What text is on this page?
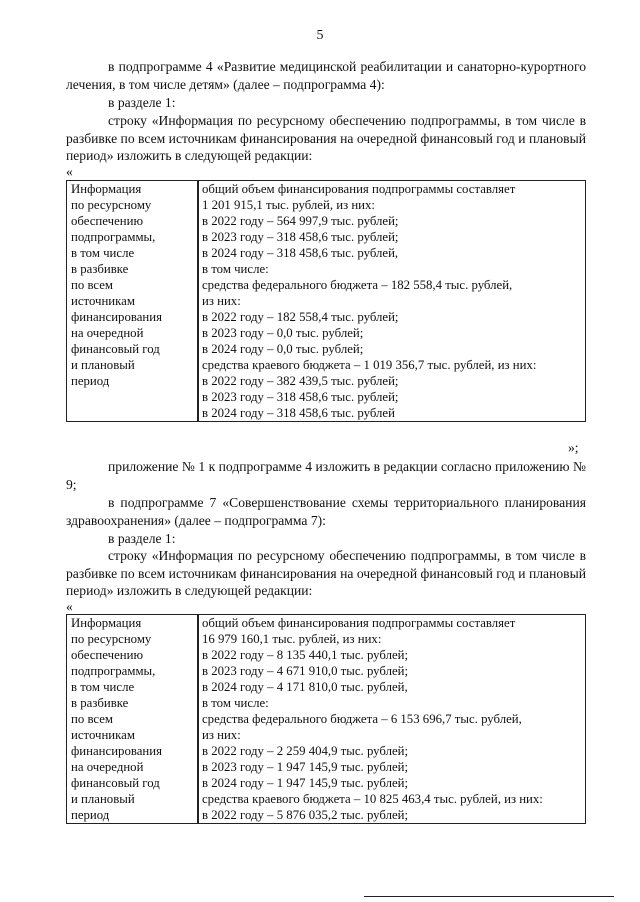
5

в подпрограмме 4 «Развитие медицинской реабилитации и санаторно-курортного лечения, в том числе детям» (далее – подпрограмма 4):

в разделе 1:

строку «Информация по ресурсному обеспечению подпрограммы, в том числе в разбивке по всем источникам финансирования на очередной финансовый год и плановый период» изложить в следующей редакции:

«
Информация
по ресурсному
обеспечению
подпрограммы,
в том числе
в разбивке
по всем
источникам
финансирования
на очередной
финансовый год
и плановый
период

общий объем финансирования подпрограммы составляет
1 201 915,1 тыс. рублей, из них:
в 2022 году – 564 997,9 тыс. рублей;
в 2023 году – 318 458,6 тыс. рублей;
в 2024 году – 318 458,6 тыс. рублей,
в том числе:
средства федерального бюджета – 182 558,4 тыс. рублей,
из них:
в 2022 году – 182 558,4 тыс. рублей;
в 2023 году – 0,0 тыс. рублей;
в 2024 году – 0,0 тыс. рублей;
средства краевого бюджета – 1 019 356,7 тыс. рублей, из них:
в 2022 году – 382 439,5 тыс. рублей;
в 2023 году – 318 458,6 тыс. рублей;
в 2024 году – 318 458,6 тыс. рублей
»;

приложение № 1 к подпрограмме 4 изложить в редакции согласно приложению № 9;

в подпрограмме 7 «Совершенствование схемы территориального планирования здравоохранения» (далее – подпрограмма 7):

в разделе 1:

строку «Информация по ресурсному обеспечению подпрограммы, в том числе в разбивке по всем источникам финансирования на очередной финансовый год и плановый период» изложить в следующей редакции:

«
Информация
по ресурсному
обеспечению
подпрограммы,
в том числе
в разбивке
по всем
источникам
финансирования
на очередной
финансовый год
и плановый
период

общий объем финансирования подпрограммы составляет
16 979 160,1 тыс. рублей, из них:
в 2022 году – 8 135 440,1 тыс. рублей;
в 2023 году – 4 671 910,0 тыс. рублей;
в 2024 году – 4 171 810,0 тыс. рублей,
в том числе:
средства федерального бюджета – 6 153 696,7 тыс. рублей,
из них:
в 2022 году – 2 259 404,9 тыс. рублей;
в 2023 году – 1 947 145,9 тыс. рублей;
в 2024 году – 1 947 145,9 тыс. рублей;
средства краевого бюджета – 10 825 463,4 тыс. рублей, из них:
в 2022 году – 5 876 035,2 тыс. рублей;
